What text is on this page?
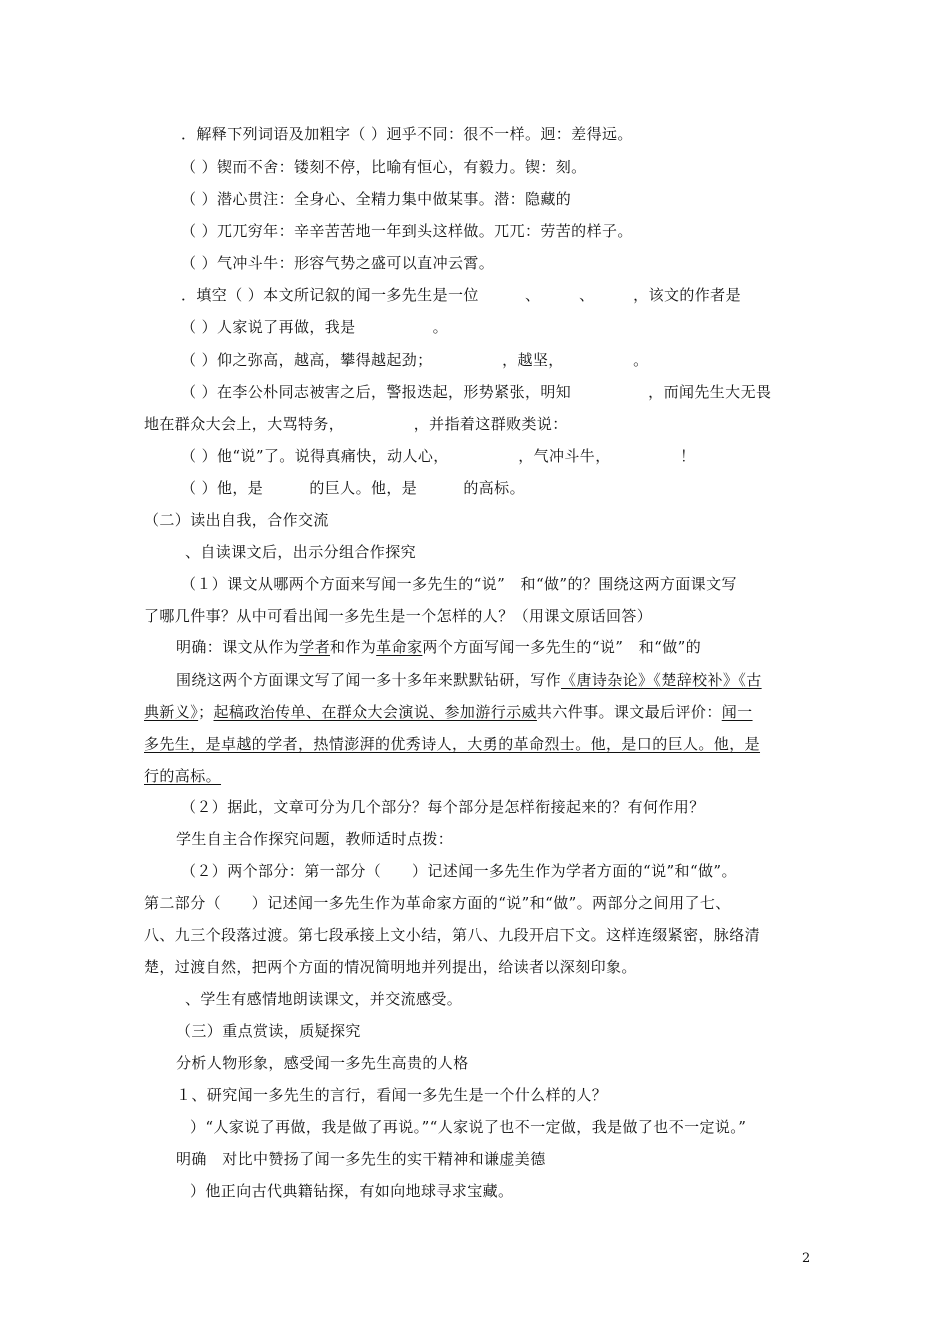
．解释下列词语及加粗字（ ）迥乎不同：很不一样。迥：差得远。
（ ）锲而不舍：镂刻不停，比喻有恒心，有毅力。锲：刻。
（ ）潜心贯注：全身心、全精力集中做某事。潜：隐藏的
（ ）兀兀穷年：辛辛苦苦地一年到头这样做。兀兀：劳苦的样子。
（ ）气冲斗牛：形容气势之盛可以直冲云霄。
．填空（ ）本文所记叙的闻一多先生是一位　　　、　　　、　　　，该文的作者是
（ ）人家说了再做，我是　　　　　。
（ ）仰之弥高，越高，攀得越起劲；　　　　　，越坚，　　　　　。
（ ）在李公朴同志被害之后，警报迭起，形势紧张，明知　　　　　，而闻先生大无畏
地在群众大会上，大骂特务，　　　　　，并指着这群败类说：
（ ）他“说”了。说得真痛快，动人心，　　　　　，气冲斗牛，　　　　　！
（ ）他，是　　　的巨人。他，是　　　的高标。
（二）读出自我，合作交流
、自读课文后，出示分组合作探究
（１）课文从哪两个方面来写闻一多先生的“说”　和“做”的？围绕这两方面课文写
了哪几件事？从中可看出闻一多先生是一个怎样的人？（用课文原话回答）
明确：课文从作为学者和作为革命家两个方面写闻一多先生的“说”　和“做”的
围绕这两个方面课文写了闻一多十多年来默默钻研，写作《唐诗杂论》《楚辞校补》《古
典新义》；起稿政治传单、在群众大会演说、参加游行示威共六件事。课文最后评价：闻一
多先生，是卓越的学者，热情澎湃的优秀诗人，大勇的革命烈士。他，是口的巨人。他，是
行的高标。
（２）据此，文章可分为几个部分？每个部分是怎样衔接起来的？有何作用？
学生自主合作探究问题，教师适时点拨：
（２）两个部分：第一部分（　　）记述闻一多先生作为学者方面的“说”和“做”。
第二部分（　　）记述闻一多先生作为革命家方面的“说”和“做”。两部分之间用了七、
八、九三个段落过渡。第七段承接上文小结，第八、九段开启下文。这样连缀紧密，脉络清
楚，过渡自然，把两个方面的情况简明地并列提出，给读者以深刻印象。
、学生有感情地朗读课文，并交流感受。
（三）重点赏读，质疑探究
分析人物形象，感受闻一多先生高贵的人格
１、研究闻一多先生的言行，看闻一多先生是一个什么样的人？
）“人家说了再做，我是做了再说。”“人家说了也不一定做，我是做了也不一定说。”
明确　对比中赞扬了闻一多先生的实干精神和谦虚美德
）他正向古代典籍钻探，有如向地球寻求宝藏。
2
